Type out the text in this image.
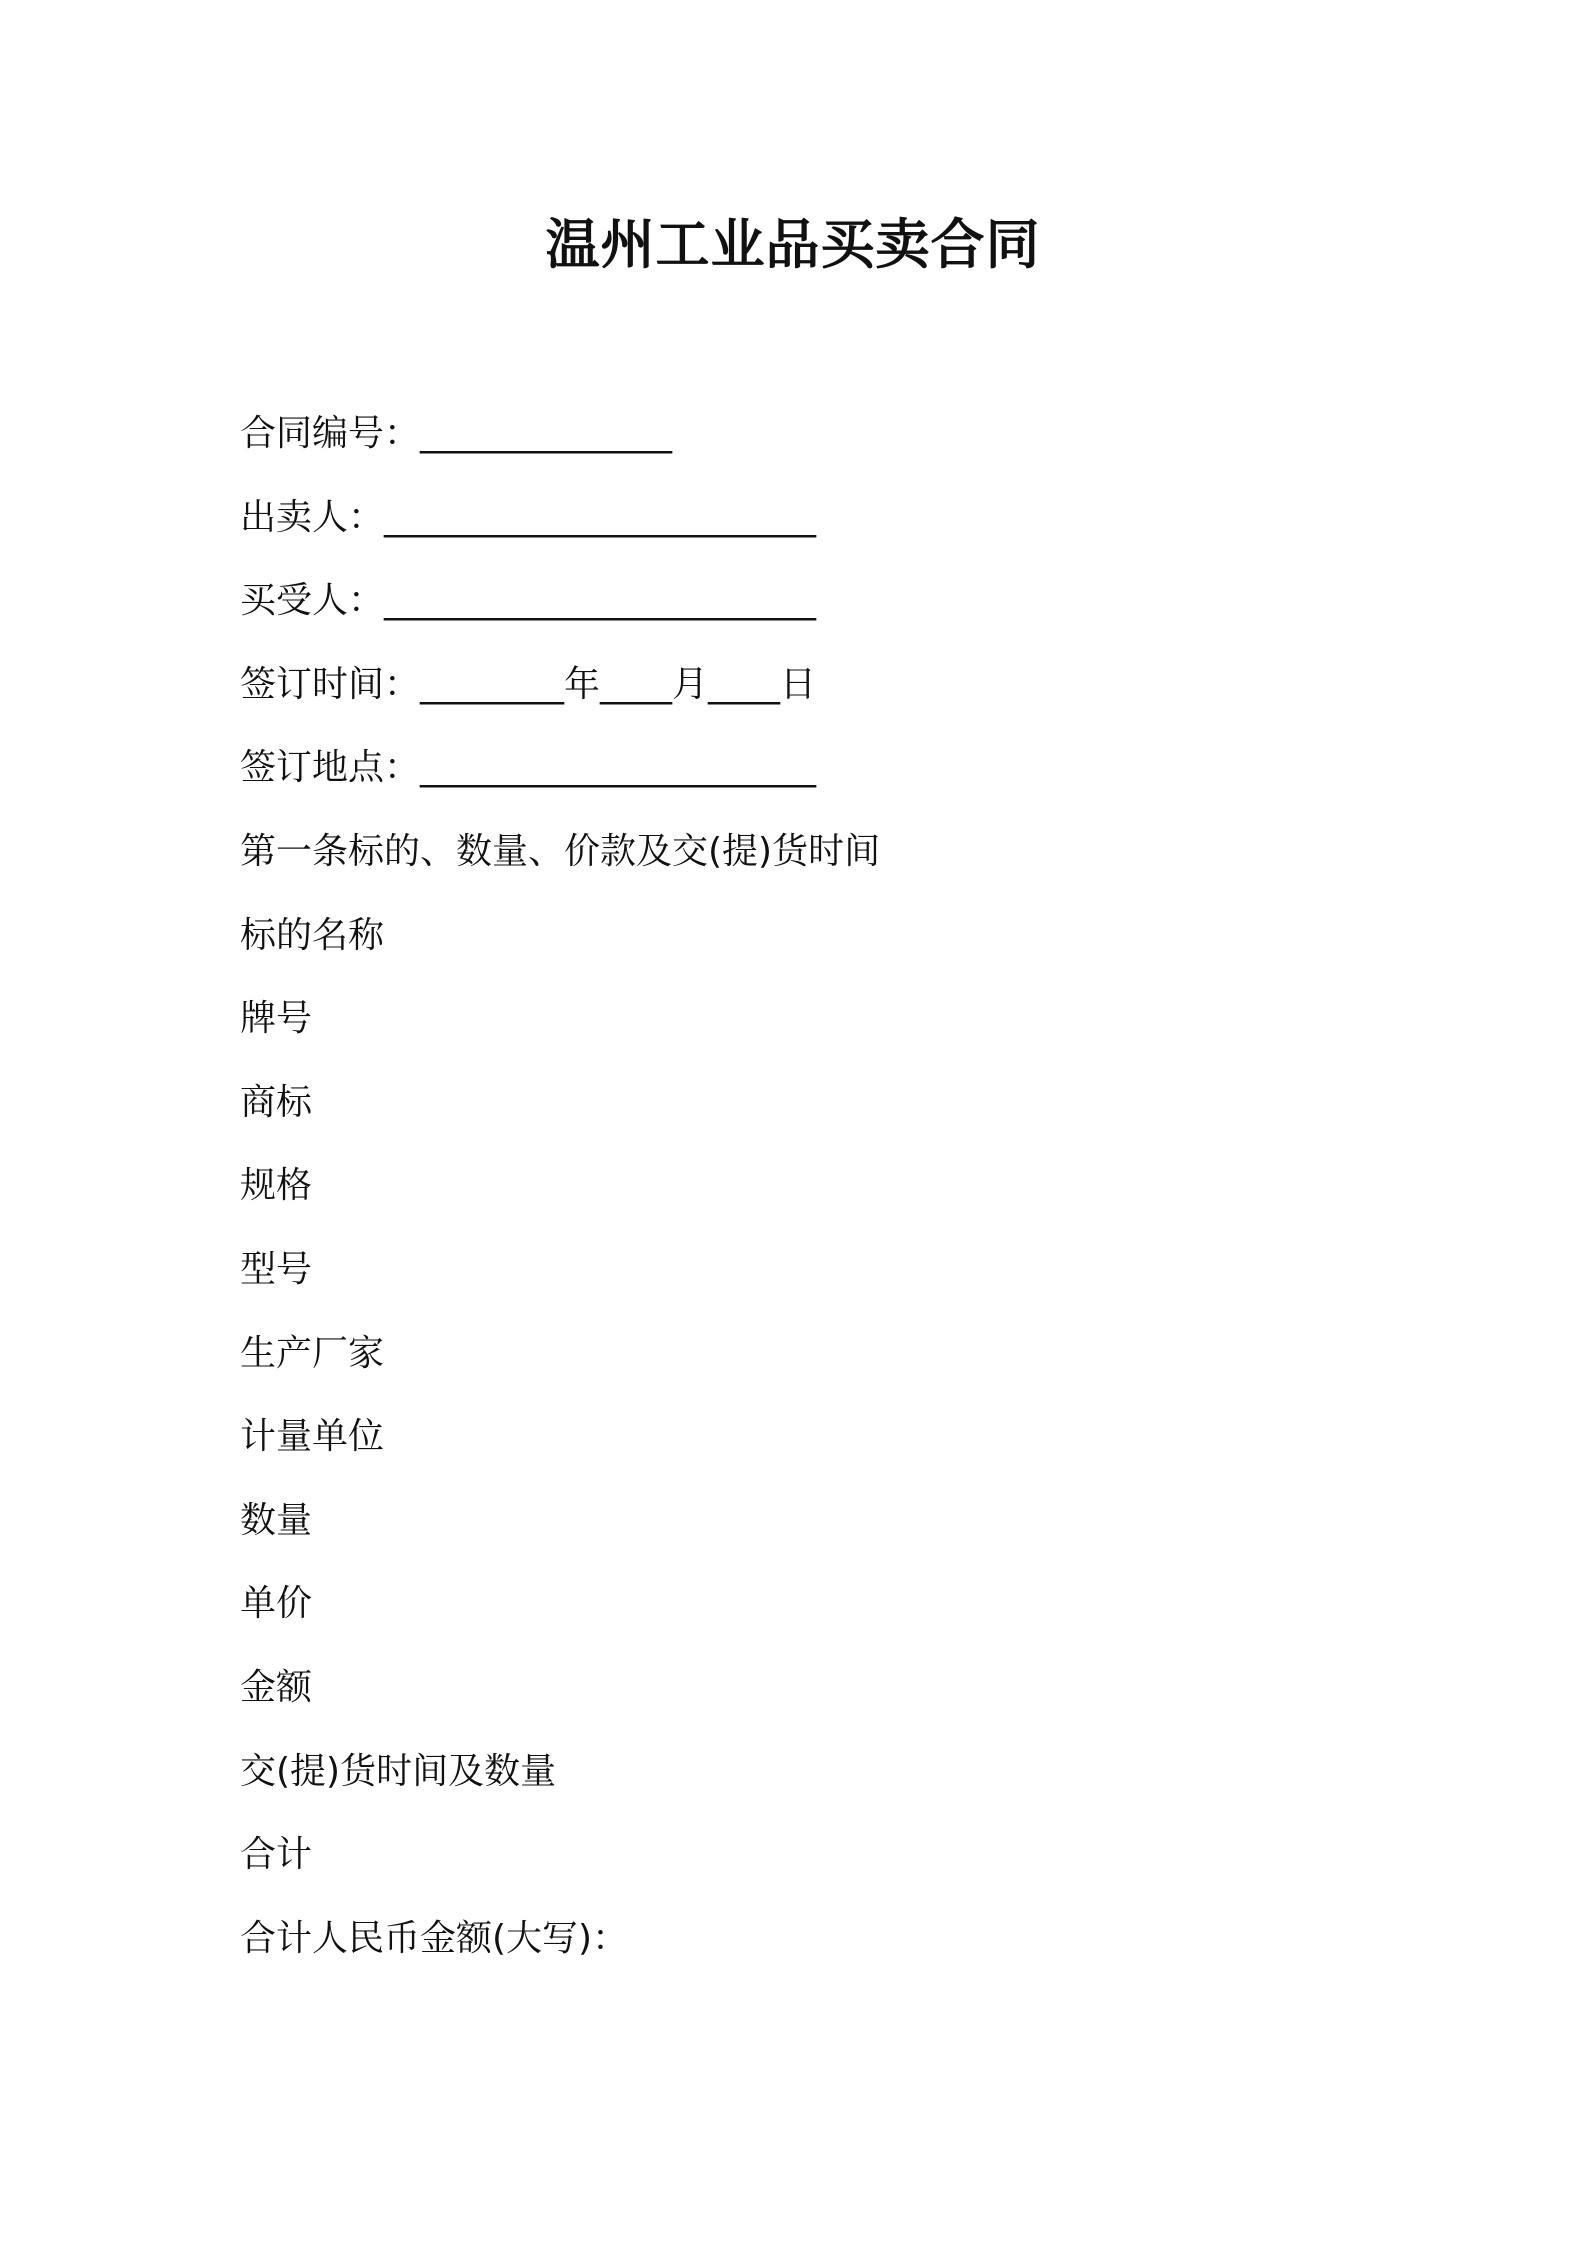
温州工业品买卖合同
合同编号：______________
出卖人：________________________
买受人：________________________
签订时间：________年____月____日
签订地点：______________________
第一条标的、数量、价款及交(提)货时间
标的名称
牌号
商标
规格
型号
生产厂家
计量单位
数量
单价
金额
交(提)货时间及数量
合计
合计人民币金额(大写)：
